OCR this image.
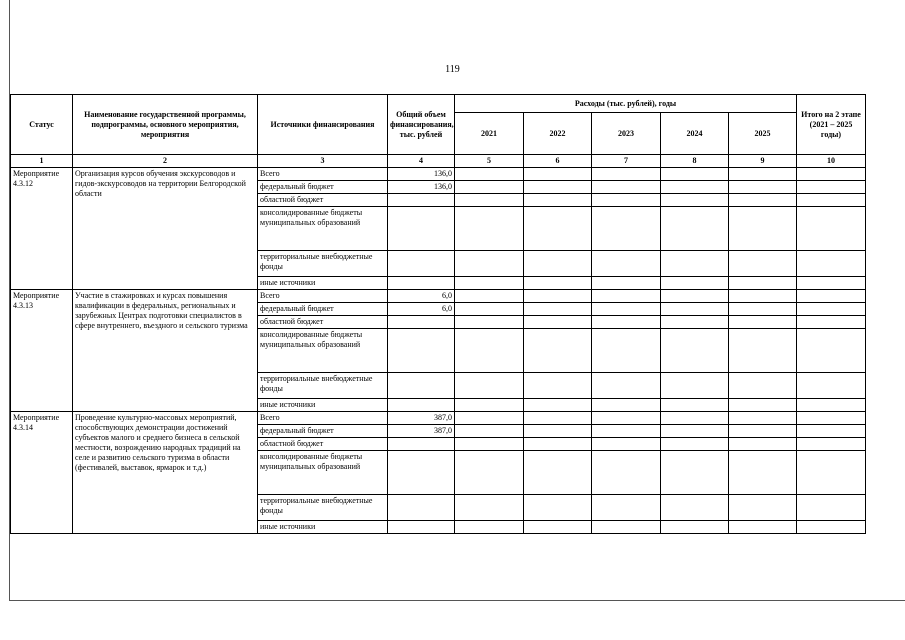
119
Статус	Наименование государственной программы, подпрограммы, основного мероприятия, мероприятия	Источники финансирования	Общий объем финансирования, тыс. рублей	Расходы (тыс. рублей), годы					Итого на 2 этапе (2021 – 2025 годы)
				2021	2022	2023	2024	2025	
1	2	3	4	5	6	7	8	9	10
Мероприятие 4.3.12	Организация курсов обучения экскурсоводов и гидов-экскурсоводов на территории Белгородской области	Всего	136,0						
		федеральный бюджет	136,0						
		областной бюджет							
		консолидированные бюджеты муниципальных образований							
		территориальные внебюджетные фонды							
		иные источники							
Мероприятие 4.3.13	Участие в стажировках и курсах повышения квалификации в федеральных, региональных и зарубежных Центрах подготовки специалистов в сфере внутреннего, въездного и сельского туризма	Всего	6,0						
		федеральный бюджет	6,0						
		областной бюджет							
		консолидированные бюджеты муниципальных образований							
		территориальные внебюджетные фонды							
		иные источники							
Мероприятие 4.3.14	Проведение культурно-массовых мероприятий, способствующих демонстрации достижений субъектов малого и среднего бизнеса в сельской местности, возрождению народных традиций на селе и развитию сельского туризма в области (фестивалей, выставок, ярмарок и т.д.)	Всего	387,0						
		федеральный бюджет	387,0						
		областной бюджет							
		консолидированные бюджеты муниципальных образований							
		территориальные внебюджетные фонды							
		иные источники							
